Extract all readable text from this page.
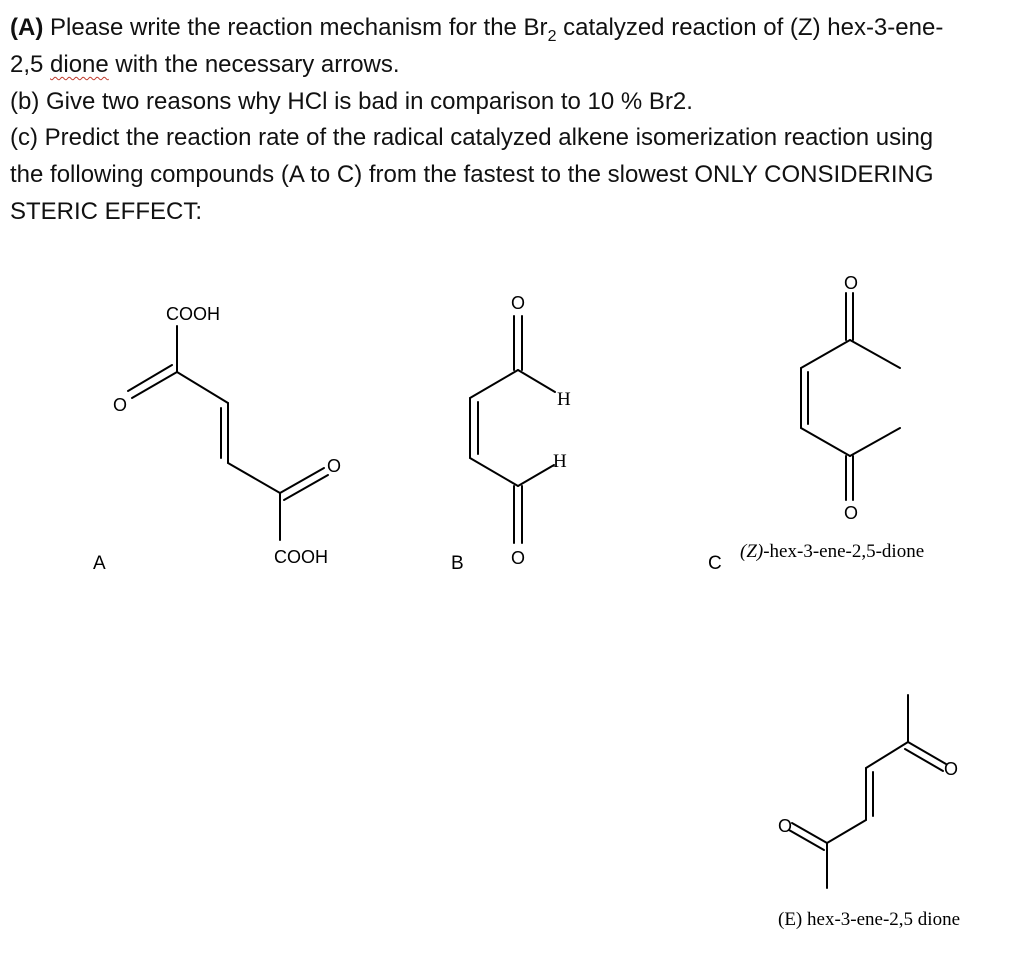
(A) Please write the reaction mechanism for the $Br_2$ catalyzed reaction of (Z) hex-3-ene-
2,5 dione with the necessary arrows.
(b) Give two reasons why HCl is bad in comparison to 10 % Br2.
(c) Predict the reaction rate of the radical catalyzed alkene isomerization reaction using
the following compounds (A to C) from the fastest to the slowest ONLY CONSIDERING
STERIC EFFECT:
COOH
O
O
COOH
A
O
H
H
O
B
O
O
C
(Z)-hex-3-ene-2,5-dione
O
O
(E) hex-3-ene-2,5 dione
